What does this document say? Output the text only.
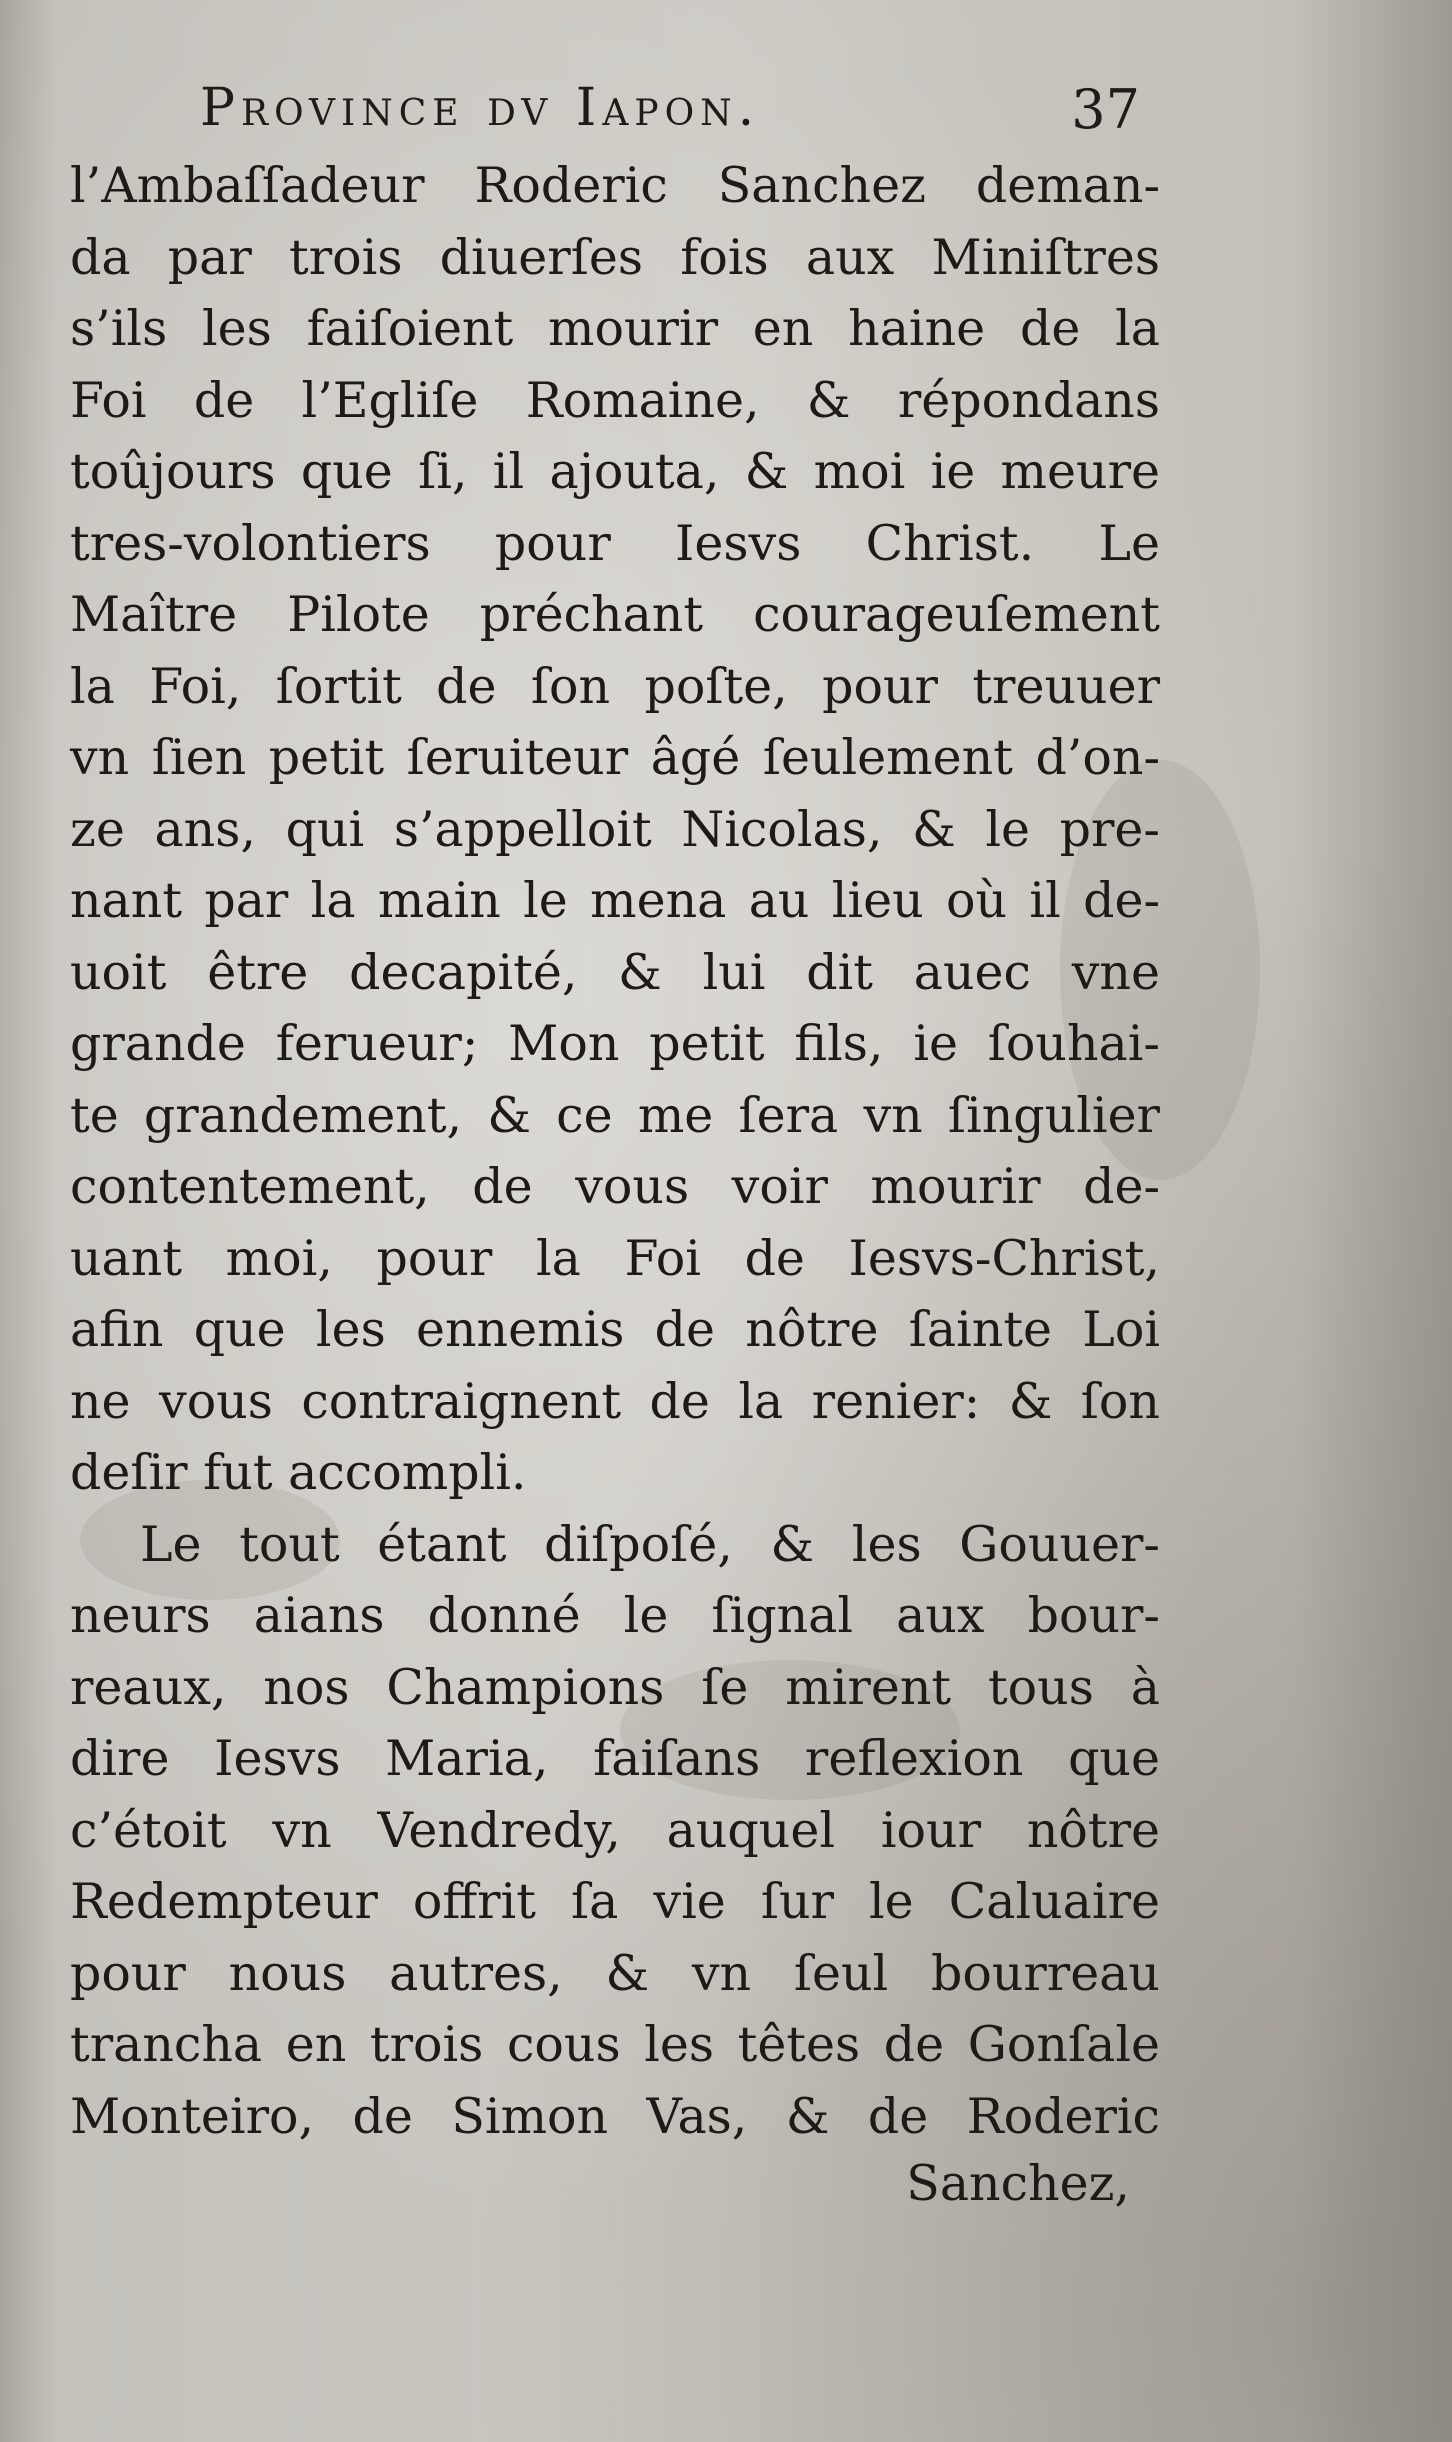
Province dv Iapon.	37
l’Ambaſſadeur Roderic Sanchez deman-
da par trois diuerſes fois aux Miniſtres
s’ils les faiſoient mourir en haine de la
Foi de l’Egliſe Romaine, & répondans
toûjours que ſi, il ajouta, & moi ie meure
tres-volontiers pour Iesvs Christ. Le
Maître Pilote préchant courageuſement
la Foi, ſortit de ſon poſte, pour treuuer
vn ſien petit ſeruiteur âgé ſeulement d’on-
ze ans, qui s’appelloit Nicolas, & le pre-
nant par la main le mena au lieu où il de-
uoit être decapité, & lui dit auec vne
grande ferueur; Mon petit fils, ie ſouhai-
te grandement, & ce me ſera vn ſingulier
contentement, de vous voir mourir de-
uant moi, pour la Foi de Iesvs-Christ,
afin que les ennemis de nôtre ſainte Loi
ne vous contraignent de la renier: & ſon
deſir fut accompli.
Le tout étant diſpoſé, & les Gouuer-
neurs aians donné le ſignal aux bour-
reaux, nos Champions ſe mirent tous à
dire Iesvs Maria, faiſans reflexion que
c’étoit vn Vendredy, auquel iour nôtre
Redempteur offrit ſa vie ſur le Caluaire
pour nous autres, & vn ſeul bourreau
trancha en trois cous les têtes de Gonſale
Monteiro, de Simon Vas, & de Roderic
Sanchez,
